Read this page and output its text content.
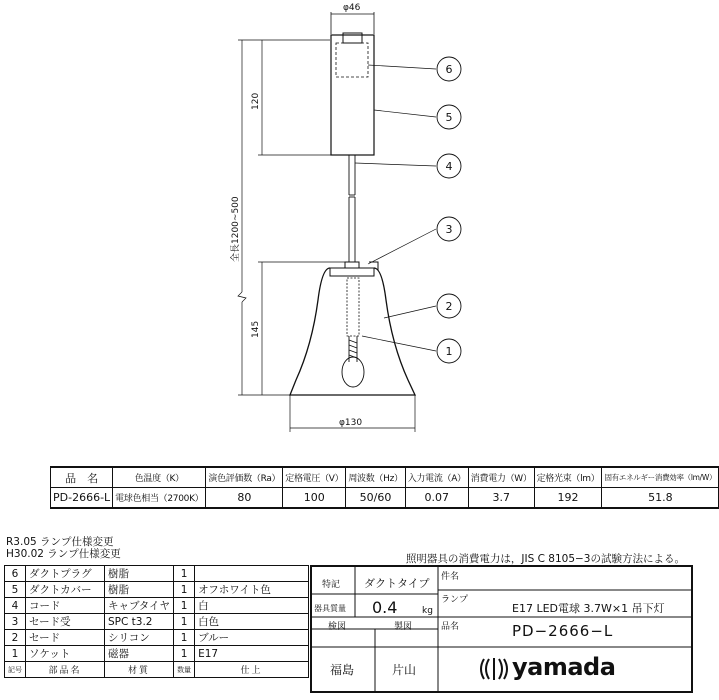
φ46
全長1200~500
120
145
φ130
6
5
4
3
2
1
品　名	色温度（K）	演色評価数（Ra）	定格電圧（V）	周波数（Hz）	入力電流（A）	消費電力（W）	定格光束（lm）	固有エネルギー消費効率（lm/W）
PD-2666-L	電球色相当（2700K）	80	100	50/60	0.07	3.7	192	51.8
R3.05 ランプ仕様変更
H30.02 ランプ仕様変更	照明器具の消費電力は，JIS C 8105−3の試験方法による。
6	ダクトプラグ	樹脂	1	
5	ダクトカバー	樹脂	1	オフホワイト色
4	コード	キャブタイヤ	1	白
3	セード受	SPC t3.2	1	白色
2	セード	シリコン	1	ブルー
1	ソケット	磁器	1	E17
記号	部品名	材質	数量	仕上
特記 ダクトタイプ
器具質量 0.4	kg
検図	製図
福島	片山
件名
ランプ
E17 LED電球 3.7W×1 吊下灯
品名	PD−2666−L
yamada
